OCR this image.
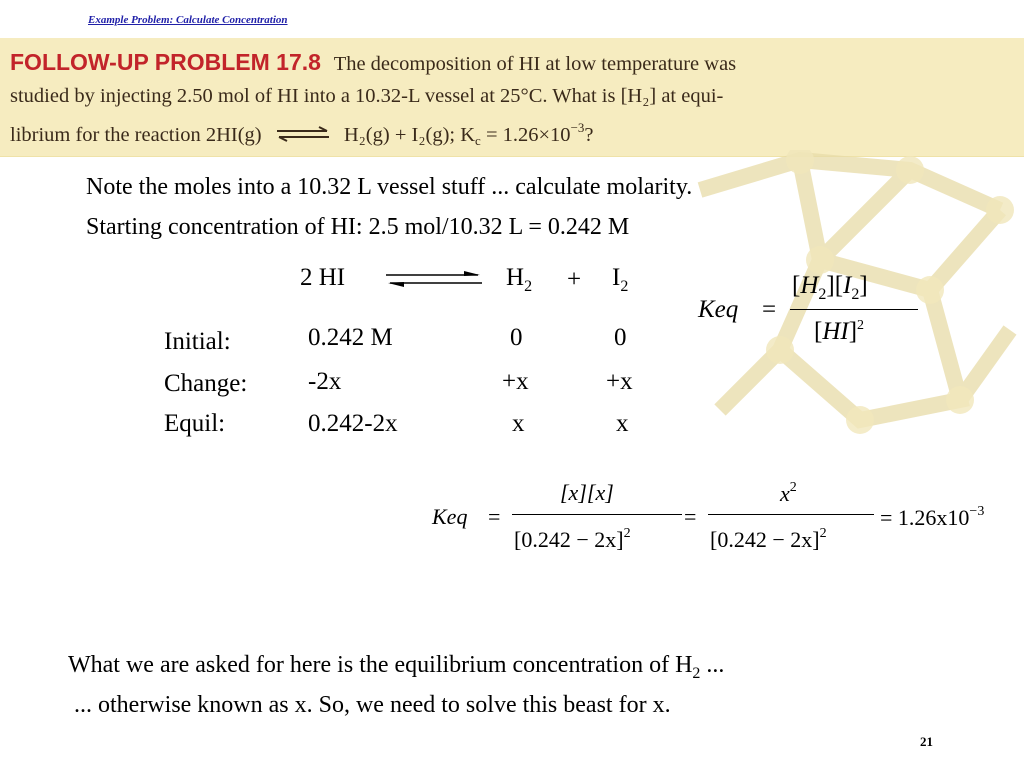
Example Problem: Calculate Concentration
FOLLOW-UP PROBLEM 17.8 The decomposition of HI at low temperature was
studied by injecting 2.50 mol of HI into a 10.32-L vessel at 25°C. What is [H₂] at equi-
librium for the reaction 2HI(g) ⇌ H₂(g) + I₂(g); $Kc = 1.26\times 10^{-3}$?
Note the moles into a 10.32 L vessel stuff ... calculate molarity.
Starting concentration of HI: 2.5 mol/10.32 L = 0.242 M
2 HI	$H_2 + I_2$
Initial:
Change:
Equil:
0.242 M
-2x
0.242-2x
0
+x
x
0
+x
x
Keq =
$[H_2][I_2]$
[HI]$^2$
Keq =
[x][x]
$[0.242 - 2x]^2$
=
$x^2$
$[0.242 - 2x]^2$
= $1.26x10^{-3}$
What we are asked for here is the equilibrium concentration of $H_2$ ...
... otherwise known as x. So, we need to solve this beast for x.
21
